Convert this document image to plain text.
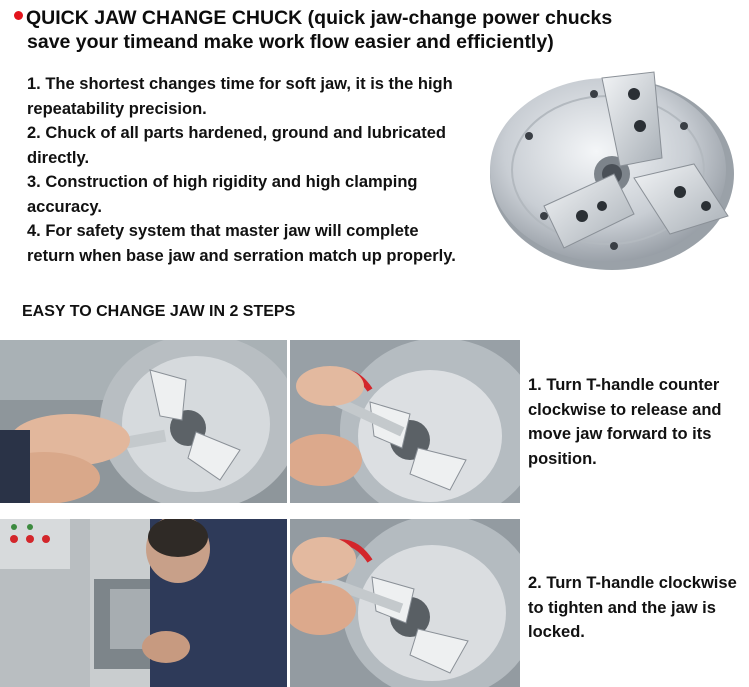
QUICK JAW CHANGE CHUCK (quick jaw-change power chucks
save your timeand make work flow easier and efficiently)

1. The shortest changes time for soft jaw, it is the high repeatability precision.

2. Chuck of all parts hardened, ground and lubricated directly.

3. Construction of high rigidity and high clamping accuracy.

4. For safety system that master jaw will complete return when base jaw and serration match up properly.

EASY TO CHANGE JAW IN 2 STEPS
1. Turn T-handle counter clockwise to release and move jaw forward to its position.
2. Turn T-handle clockwise to tighten and the jaw is locked.
